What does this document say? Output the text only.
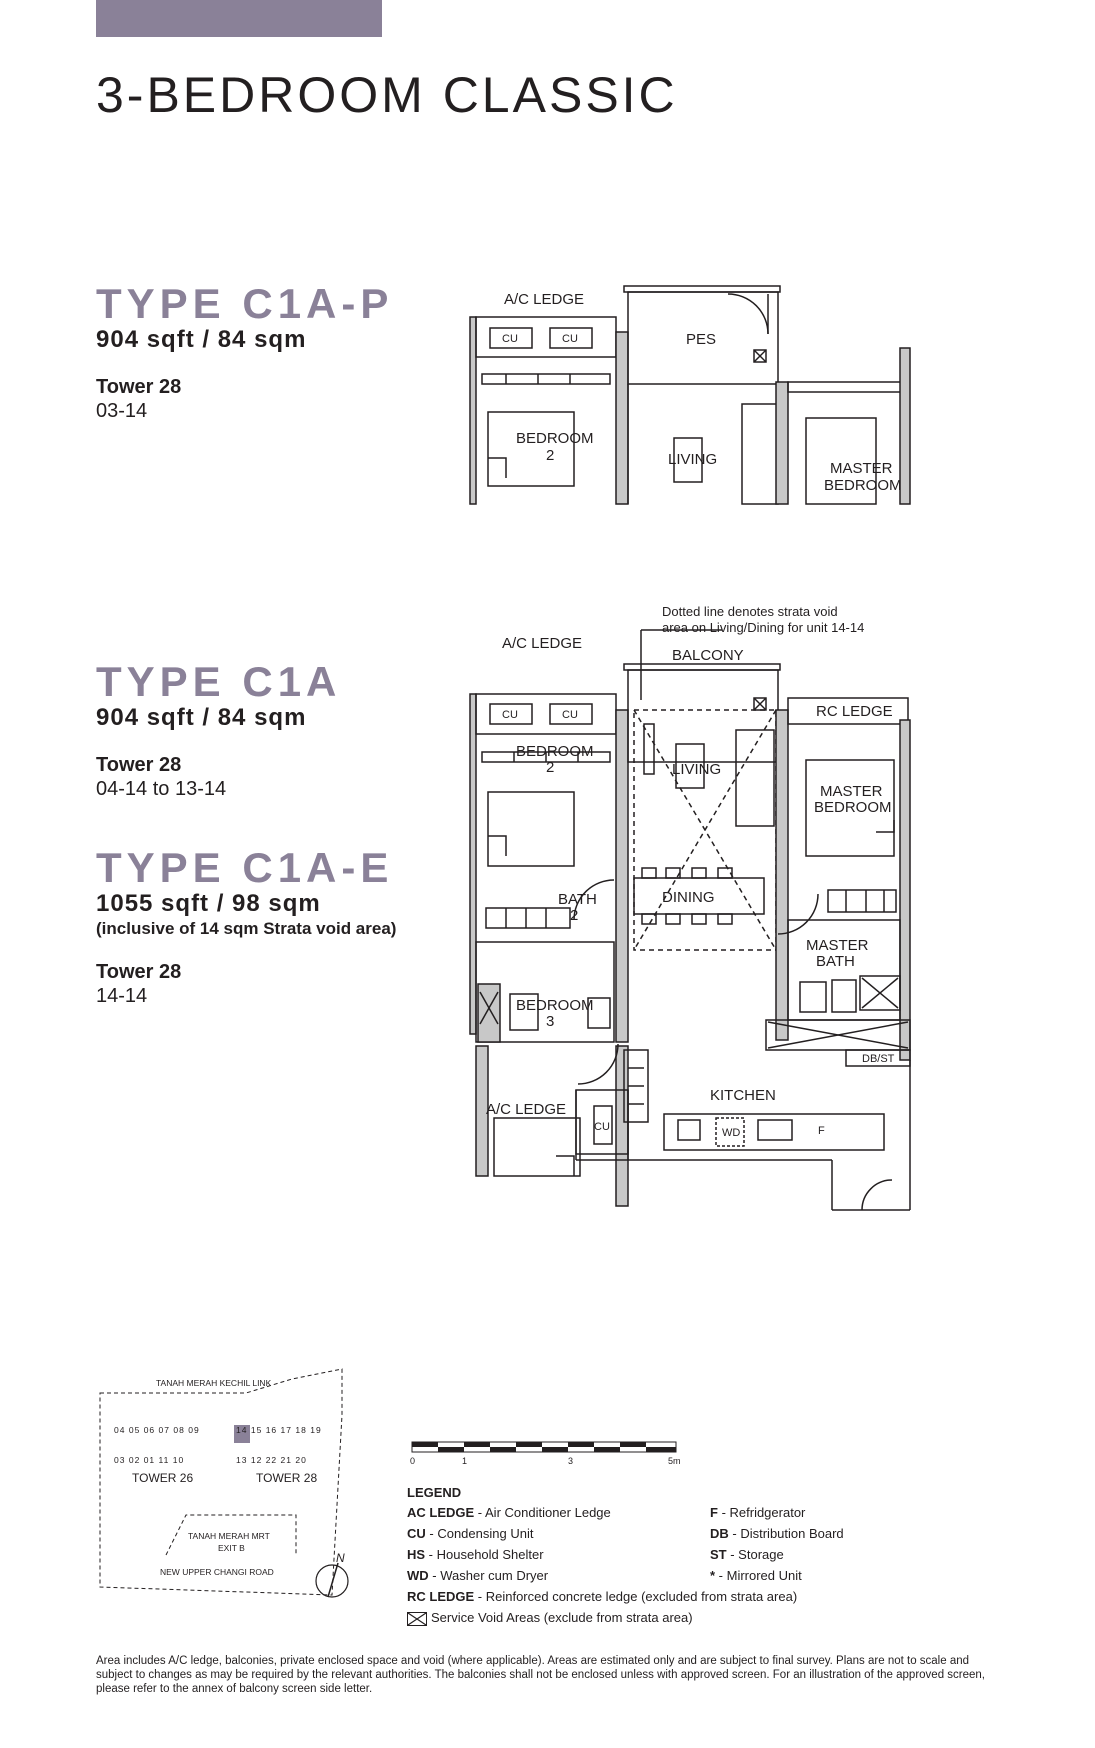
3-BEDROOM CLASSIC
TYPE C1A-P
904 sqft / 84 sqm
Tower 28
03-14
TYPE C1A
904 sqft / 84 sqm
Tower 28
04-14 to 13-14
TYPE C1A-E
1055 sqft / 98 sqm
(inclusive of 14 sqm Strata void area)
Tower 28
14-14
A/C LEDGE
CU	CU	PES
BEDROOM
2	LIVING
MASTER
BEDROOM
Dotted line denotes strata void
area on Living/Dining for unit 14-14
A/C LEDGE
CU	CU
BALCONY
RC LEDGE
BEDROOM
2	LIVING
MASTER
BEDROOM
BATH
2
DINING
MASTER
BATH
DB/ST
BEDROOM
3
KITCHEN
A/C LEDGE
CU	WD	F
TANAH MERAH KECHIL LINK
04 05 06 07 08 09
03 02 01 11 10
14 15 16 17 18 19
13 12 22 21 20
TOWER 26	TOWER 28
TANAH MERAH MRT
EXIT B
NEW UPPER CHANGI ROAD
N
0	1	3	5m
LEGEND
AC LEDGE - Air Conditioner Ledge
CU - Condensing Unit
HS - Household Shelter
WD - Washer cum Dryer
RC LEDGE - Reinforced concrete ledge (excluded from strata area)
Service Void Areas (exclude from strata area)
F - Refridgerator
DB - Distribution Board
ST - Storage
* - Mirrored Unit
Area includes A/C ledge, balconies, private enclosed space and void (where applicable). Areas are estimated only and are subject to final survey. Plans are not to scale and subject to changes as may be required by the relevant authorities. The balconies shall not be enclosed unless with approved screen. For an illustration of the approved screen, please refer to the annex of balcony screen side letter.
